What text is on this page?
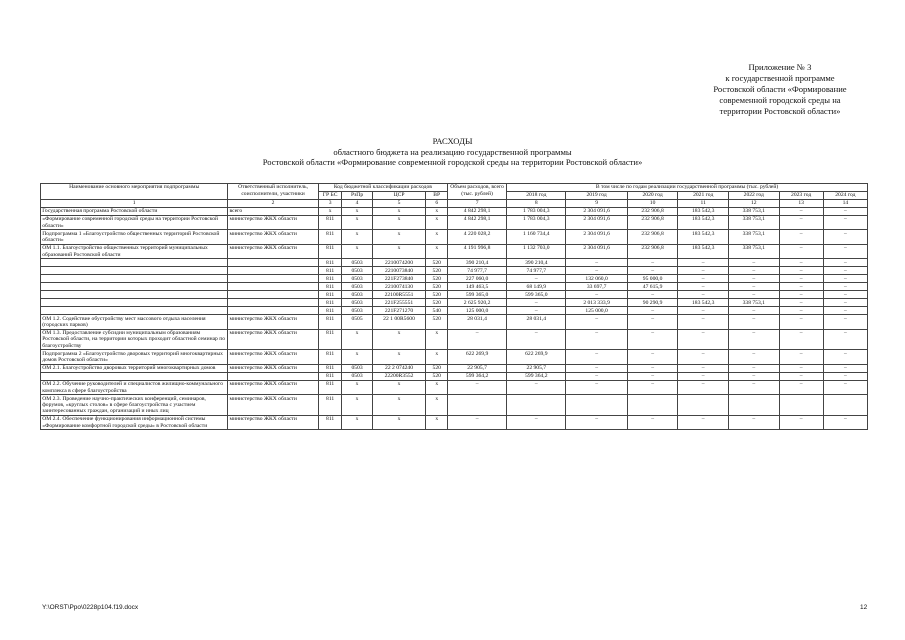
Приложение № 3
к государственной программе
Ростовской области «Формирование
современной городской среды на
территории Ростовской области»
РАСХОДЫ
областного бюджета на реализацию государственной программы
Ростовской области «Формирование современной городской среды на территории Ростовской области»
Наименование основного мероприятия подпрограммы	Ответственный исполнитель, соисполнители, участники	Код бюджетной классификации расходов				Объем расходов, всего (тыс. рублей)	В том числе по годам реализации государственной программы (тыс. рублей)						
		ГР БС	РзПр	ЦСР	ВР		2018 год	2019 год	2020 год	2021 год	2022 год	2023 год	2024 год
1	2	3	4	5	6	7	8	9	10	11	12	13	14
Государственная программа Ростовской области	всего	x	x	x	x	4 842 298,1	1 783 004,3	2 304 091,6	232 906,8	183 542,3	338 753,1	–	–
«Формирование современной городской среды на территории Ростовской области»	министерство ЖКХ области	811	x	x	x	4 842 298,1	1 783 004,3	2 304 091,6	232 906,8	183 542,3	338 753,1	–	–
Подпрограмма 1 «Благоустройство общественных территорий Ростовской области»	министерство ЖКХ области	811	x	x	x	4 220 028,2	1 160 734,4	2 304 091,6	232 906,8	183 542,3	338 753,1	–	–
ОМ 1.1. Благоустройство общественных территорий муниципальных образований Ростовской области	министерство ЖКХ области	811	x	x	x	4 191 996,8	1 132 703,0	2 304 091,6	232 906,8	183 542,3	338 753,1	–	–
		811	0503	2210074200	520	390 210,4	390 210,4	–	–	–	–	–	–
		811	0503	2210073840	520	74 977,7	74 977,7	–	–	–	–	–	–
		811	0503	221F273840	520	227 060,0	–	132 060,0	95 000,0	–	–	–	–
		811	0503	2210074130	520	149 463,5	68 149,9	33 697,7	47 615,9	–	–	–	–
		811	0503	22100R5551	520	599 365,0	599 365,0	–	–	–	–	–	–
		811	0503	221F255551	520	2 625 920,2	–	2 013 333,9	90 290,9	183 542,3	338 753,1	–	–
		811	0503	221F271270	540	125 000,0	–	125 000,0	–	–	–	–	–
ОМ 1.2. Содействие обустройству мест массового отдыха населения (городских парков)	министерство ЖКХ области	811	0505	22 1 00R5600	520	28 031,4	28 031,4	–	–	–	–	–	–
ОМ 1.3. Предоставление субсидии муниципальным образованиям Ростовской области, на территории которых проходит областной семинар по благоустройству	министерство ЖКХ области	811	x	x	x	–	–	–	–	–	–	–	–
Подпрограмма 2 «Благоустройство дворовых территорий многоквартирных домов Ростовской области»	министерство ЖКХ области	811	x	x	x	622 269,9	622 269,9	–	–	–	–	–	–
ОМ 2.1. Благоустройство дворовых территорий многоквартирных домов	министерство ЖКХ области	811	0503	22 2 074240	520	22 905,7	22 905,7	–	–	–	–	–	–
		811	0503	22200R3552	520	599 364,2	599 364,2	–	–	–	–	–	–
ОМ 2.2. Обучение руководителей и специалистов жилищно-коммунального комплекса в сфере благоустройства	министерство ЖКХ области	811	x	x	x	–	–	–	–	–	–	–	–
ОМ 2.3. Проведение научно-практических конференций, семинаров, форумов, «круглых столов» в сфере благоустройства с участием заинтересованных граждан, организаций и иных лиц	министерство ЖКХ области	811	x	x	x								
ОМ 2.4. Обеспечение функционирования информационной системы «Формирование комфортной городской среды» в Ростовской области	министерство ЖКХ области	811	x	x	x	–	–	–	–	–	–	–	–
Y:\ORST\Ppo\0228p104.f19.docx	12
